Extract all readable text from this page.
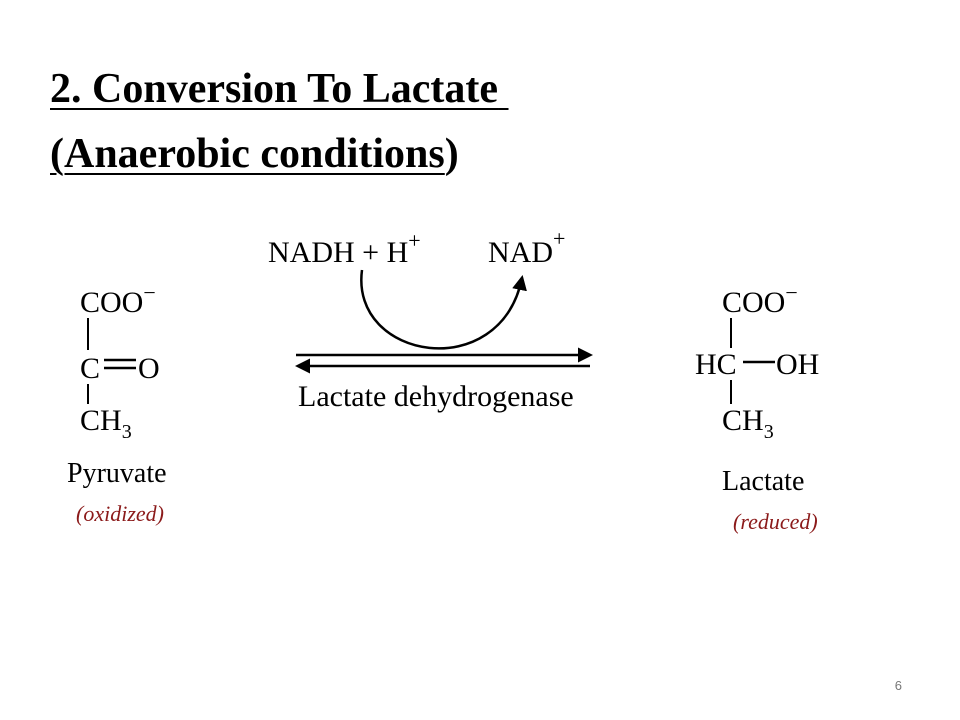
2. Conversion To Lactate
(Anaerobic conditions)
COO−
C O
$CH_3$
Pyruvate
(oxidized)
NADH + H+ NAD+
Lactate dehydrogenase
COO−
HC OH
$CH_3$
Lactate
(reduced)
6
